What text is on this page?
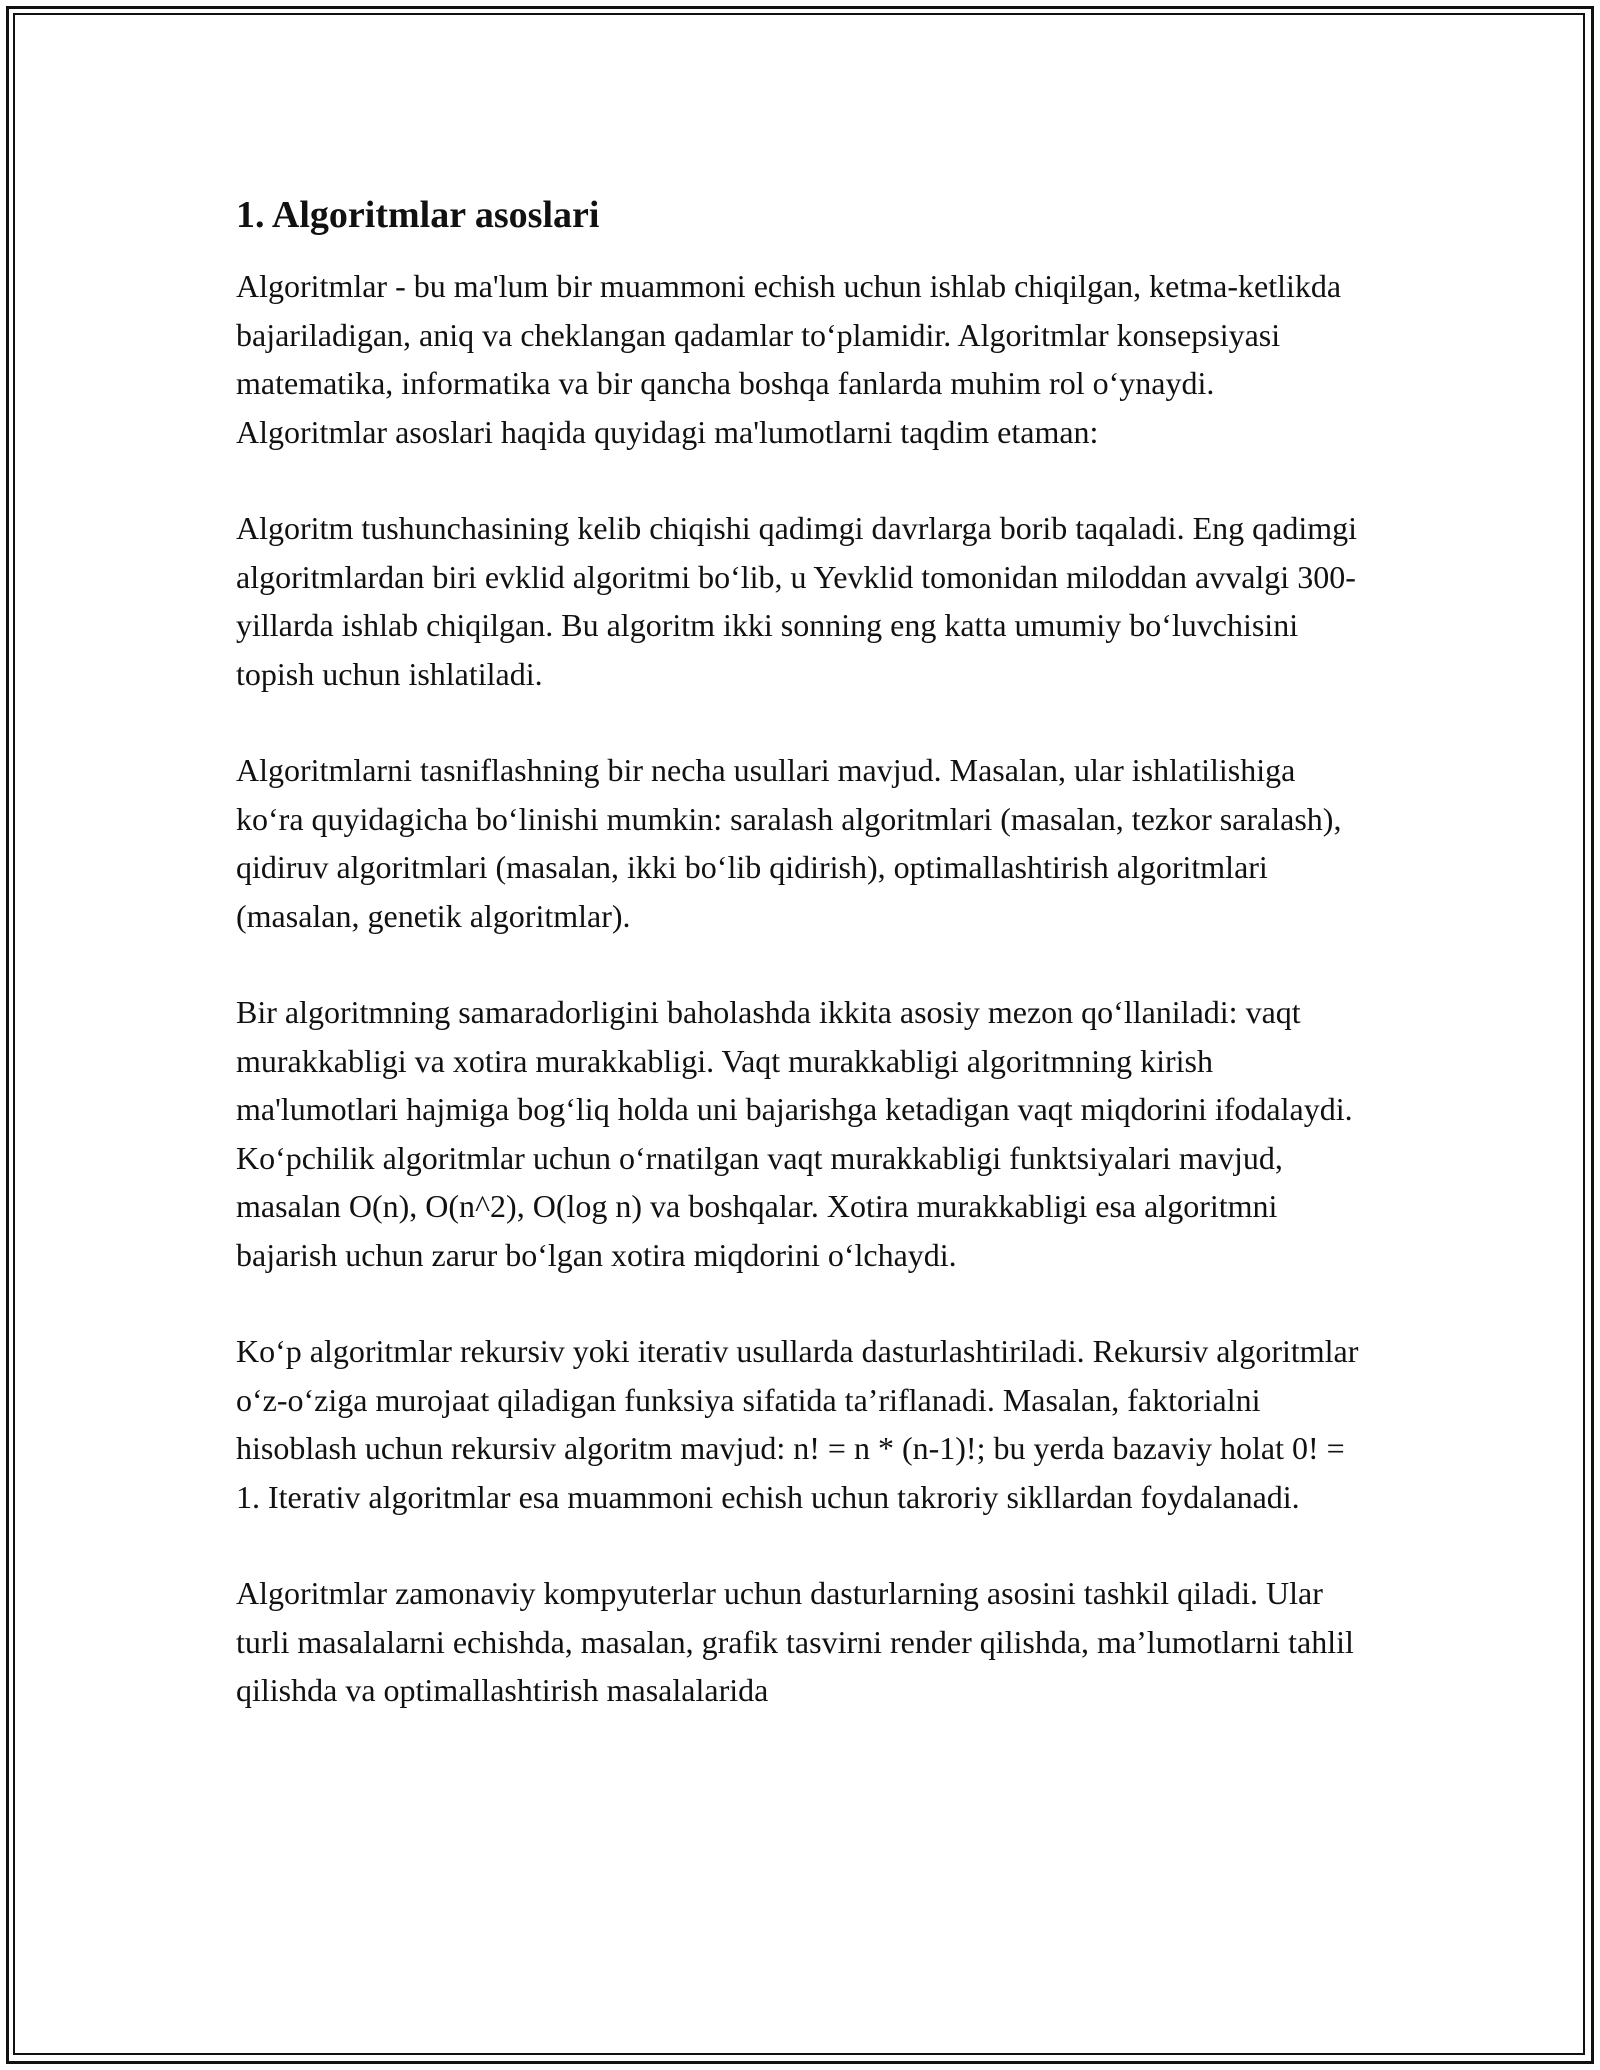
1. Algoritmlar asoslari

Algoritmlar - bu ma'lum bir muammoni echish uchun ishlab chiqilgan, ketma-ketlikda bajariladigan, aniq va cheklangan qadamlar to‘plamidir. Algoritmlar konsepsiyasi matematika, informatika va bir qancha boshqa fanlarda muhim rol o‘ynaydi. Algoritmlar asoslari haqida quyidagi ma'lumotlarni taqdim etaman:

Algoritm tushunchasining kelib chiqishi qadimgi davrlarga borib taqaladi. Eng qadimgi algoritmlardan biri evklid algoritmi bo‘lib, u Yevklid tomonidan miloddan avvalgi 300-yillarda ishlab chiqilgan. Bu algoritm ikki sonning eng katta umumiy bo‘luvchisini topish uchun ishlatiladi.

Algoritmlarni tasniflashning bir necha usullari mavjud. Masalan, ular ishlatilishiga ko‘ra quyidagicha bo‘linishi mumkin: saralash algoritmlari (masalan, tezkor saralash), qidiruv algoritmlari (masalan, ikki bo‘lib qidirish), optimallashtirish algoritmlari (masalan, genetik algoritmlar).

Bir algoritmning samaradorligini baholashda ikkita asosiy mezon qo‘llaniladi: vaqt murakkabligi va xotira murakkabligi. Vaqt murakkabligi algoritmning kirish ma'lumotlari hajmiga bog‘liq holda uni bajarishga ketadigan vaqt miqdorini ifodalaydi. Ko‘pchilik algoritmlar uchun o‘rnatilgan vaqt murakkabligi funktsiyalari mavjud, masalan O(n), O(n^2), O(log n) va boshqalar. Xotira murakkabligi esa algoritmni bajarish uchun zarur bo‘lgan xotira miqdorini o‘lchaydi.

Ko‘p algoritmlar rekursiv yoki iterativ usullarda dasturlashtiriladi. Rekursiv algoritmlar o‘z-o‘ziga murojaat qiladigan funksiya sifatida ta’riflanadi. Masalan, faktorialni hisoblash uchun rekursiv algoritm mavjud: n! = n * (n-1)!; bu yerda bazaviy holat 0! = 1. Iterativ algoritmlar esa muammoni echish uchun takroriy sikllardan foydalanadi.

Algoritmlar zamonaviy kompyuterlar uchun dasturlarning asosini tashkil qiladi. Ular turli masalalarni echishda, masalan, grafik tasvirni render qilishda, ma’lumotlarni tahlil qilishda va optimallashtirish masalalarida
